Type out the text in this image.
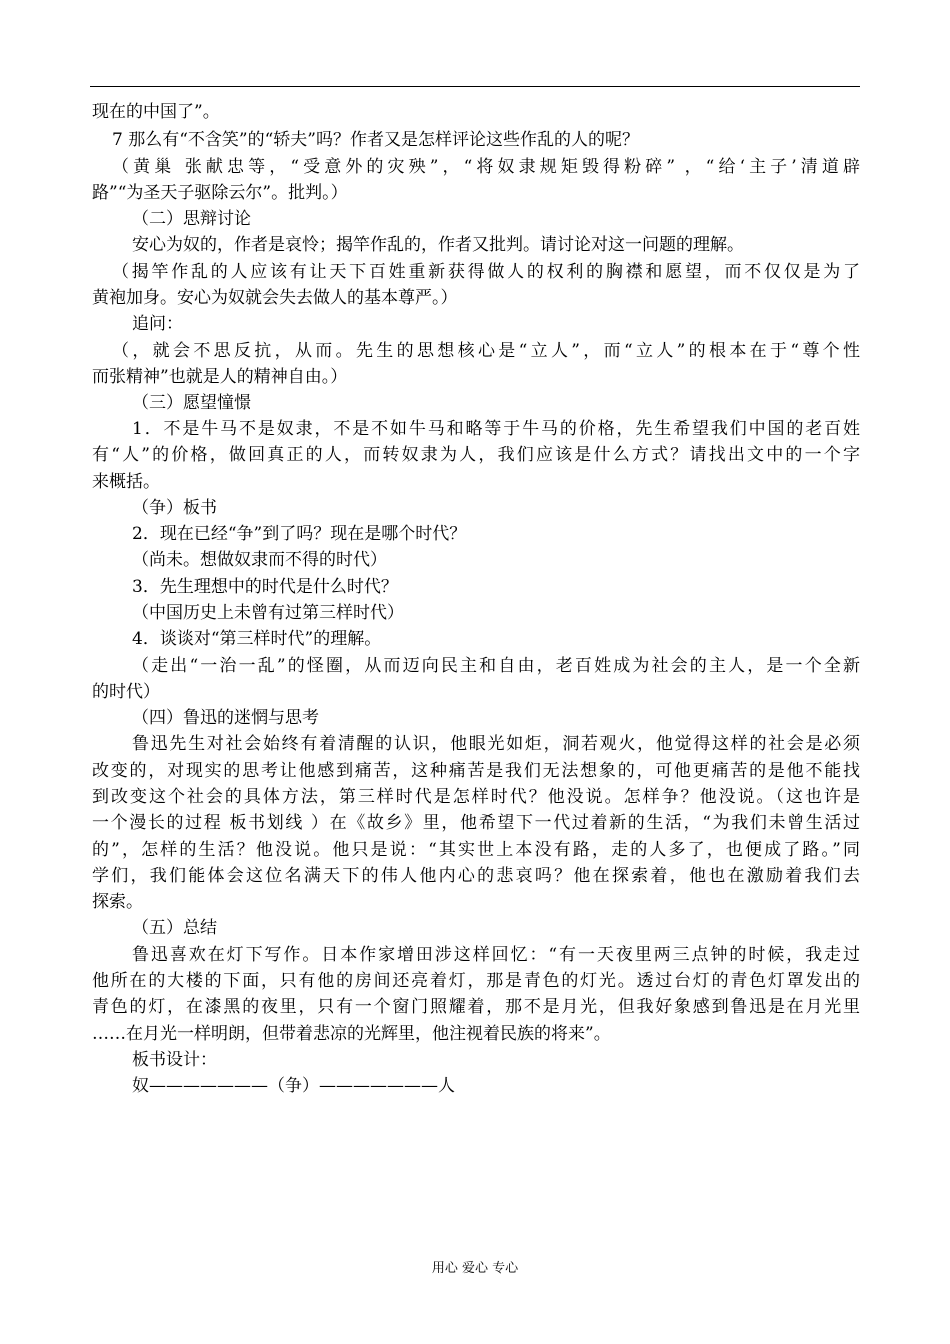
现在的中国了”。
7 那么有“不含笑”的“轿夫”吗？作者又是怎样评论这些作乱的人的呢？
（黄巢 张献忠等，“受意外的灾殃”，“将奴隶规矩毁得粉碎” ，“给‘主子’清道辟
路”“为圣天子驱除云尔”。批判。）
（二）思辩讨论
安心为奴的，作者是哀怜；揭竿作乱的，作者又批判。请讨论对这一问题的理解。
（揭竿作乱的人应该有让天下百姓重新获得做人的权利的胸襟和愿望，而不仅仅是为了
黄袍加身。安心为奴就会失去做人的基本尊严。）
追问：
（，就会不思反抗，从而。先生的思想核心是“立人”，而“立人”的根本在于“尊个性
而张精神”也就是人的精神自由。）
（三）愿望憧憬
1．不是牛马不是奴隶，不是不如牛马和略等于牛马的价格，先生希望我们中国的老百姓
有“人”的价格，做回真正的人，而转奴隶为人，我们应该是什么方式？请找出文中的一个字
来概括。
（争）板书
2．现在已经“争”到了吗？现在是哪个时代？
（尚未。想做奴隶而不得的时代）
3．先生理想中的时代是什么时代？
（中国历史上未曾有过第三样时代）
4．谈谈对“第三样时代”的理解。
（走出“一治一乱”的怪圈，从而迈向民主和自由，老百姓成为社会的主人，是一个全新
的时代）
（四）鲁迅的迷惘与思考
鲁迅先生对社会始终有着清醒的认识，他眼光如炬，洞若观火，他觉得这样的社会是必须
改变的，对现实的思考让他感到痛苦，这种痛苦是我们无法想象的，可他更痛苦的是他不能找
到改变这个社会的具体方法，第三样时代是怎样时代？他没说。怎样争？他没说。（这也许是
一个漫长的过程 板书划线 ）在《故乡》里，他希望下一代过着新的生活，“为我们未曾生活过
的”，怎样的生活？他没说。他只是说：“其实世上本没有路，走的人多了，也便成了路。”同
学们，我们能体会这位名满天下的伟人他内心的悲哀吗？他在探索着，他也在激励着我们去
探索。
（五）总结
鲁迅喜欢在灯下写作。日本作家增田涉这样回忆：“有一天夜里两三点钟的时候，我走过
他所在的大楼的下面，只有他的房间还亮着灯，那是青色的灯光。透过台灯的青色灯罩发出的
青色的灯，在漆黑的夜里，只有一个窗门照耀着，那不是月光，但我好象感到鲁迅是在月光里
……在月光一样明朗，但带着悲凉的光辉里，他注视着民族的将来”。
板书设计：
奴———————（争）———————人
用心 爱心 专心
